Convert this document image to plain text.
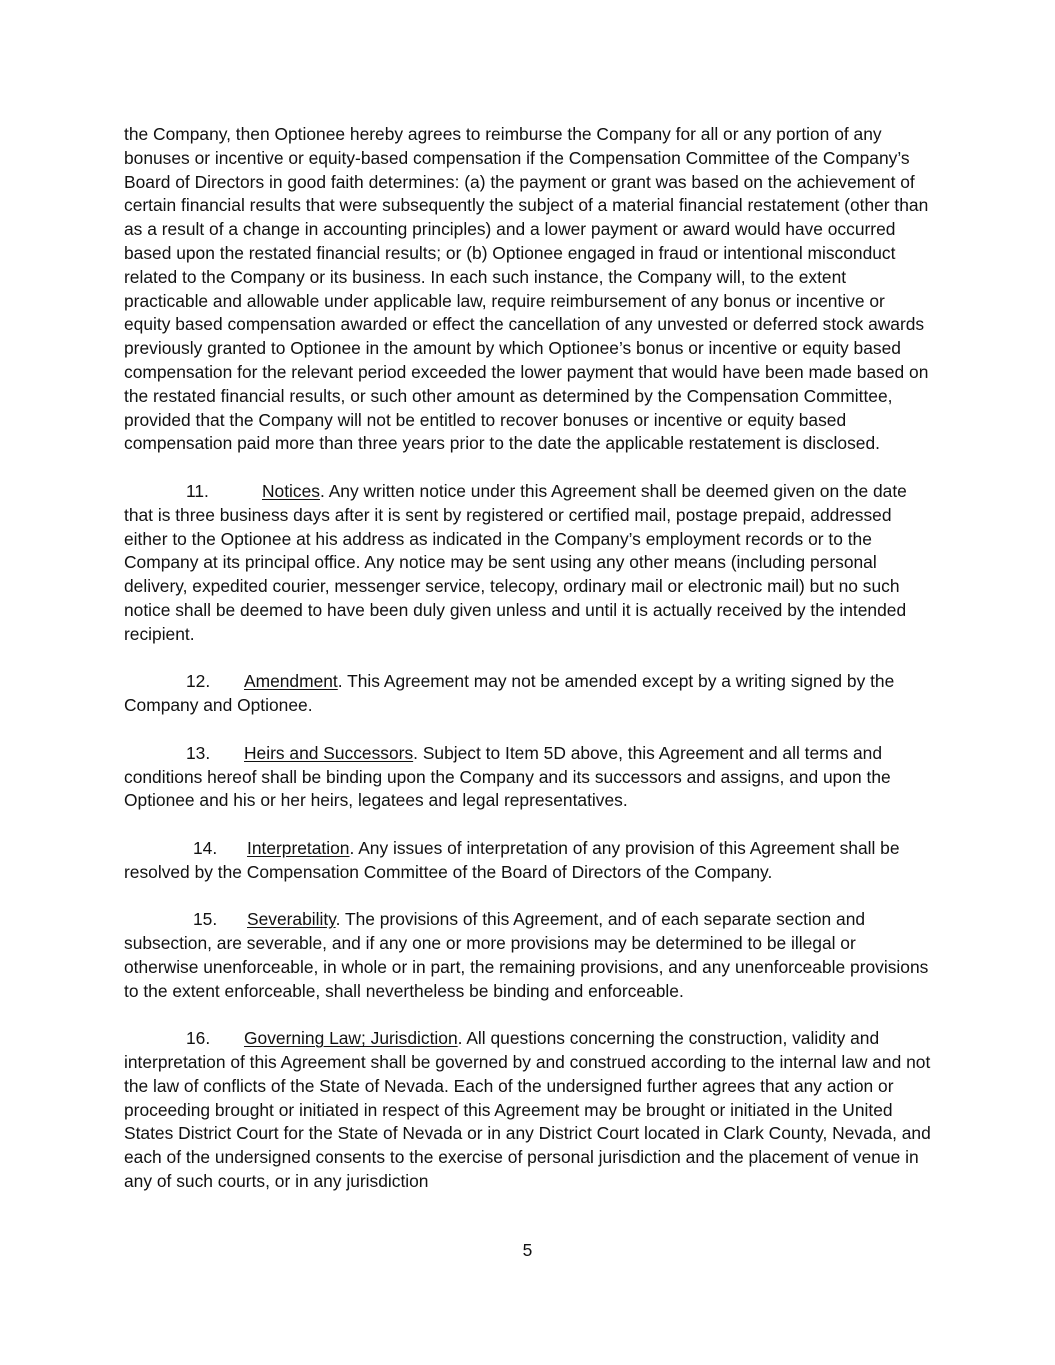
the Company, then Optionee hereby agrees to reimburse the Company for all or any portion of any bonuses or incentive or equity-based compensation if the Compensation Committee of the Company’s Board of Directors in good faith determines: (a) the payment or grant was based on the achievement of certain financial results that were subsequently the subject of a material financial restatement (other than as a result of a change in accounting principles) and a lower payment or award would have occurred based upon the restated financial results; or (b) Optionee engaged in fraud or intentional misconduct related to the Company or its business. In each such instance, the Company will, to the extent practicable and allowable under applicable law, require reimbursement of any bonus or incentive or equity based compensation awarded or effect the cancellation of any unvested or deferred stock awards previously granted to Optionee in the amount by which Optionee’s bonus or incentive or equity based compensation for the relevant period exceeded the lower payment that would have been made based on the restated financial results, or such other amount as determined by the Compensation Committee, provided that the Company will not be entitled to recover bonuses or incentive or equity based compensation paid more than three years prior to the date the applicable restatement is disclosed.

11.	Notices. Any written notice under this Agreement shall be deemed given on the date that is three business days after it is sent by registered or certified mail, postage prepaid, addressed either to the Optionee at his address as indicated in the Company’s employment records or to the Company at its principal office. Any notice may be sent using any other means (including personal delivery, expedited courier, messenger service, telecopy, ordinary mail or electronic mail) but no such notice shall be deemed to have been duly given unless and until it is actually received by the intended recipient.

12. Amendment. This Agreement may not be amended except by a writing signed by the Company and Optionee.

13. Heirs and Successors. Subject to Item 5D above, this Agreement and all terms and conditions hereof shall be binding upon the Company and its successors and assigns, and upon the Optionee and his or her heirs, legatees and legal representatives.

14. Interpretation. Any issues of interpretation of any provision of this Agreement shall be resolved by the Compensation Committee of the Board of Directors of the Company.

15. Severability. The provisions of this Agreement, and of each separate section and subsection, are severable, and if any one or more provisions may be determined to be illegal or otherwise unenforceable, in whole or in part, the remaining provisions, and any unenforceable provisions to the extent enforceable, shall nevertheless be binding and enforceable.

16. Governing Law; Jurisdiction. All questions concerning the construction, validity and interpretation of this Agreement shall be governed by and construed according to the internal law and not the law of conflicts of the State of Nevada. Each of the undersigned further agrees that any action or proceeding brought or initiated in respect of this Agreement may be brought or initiated in the United States District Court for the State of Nevada or in any District Court located in Clark County, Nevada, and each of the undersigned consents to the exercise of personal jurisdiction and the placement of venue in any of such courts, or in any jurisdiction

5
